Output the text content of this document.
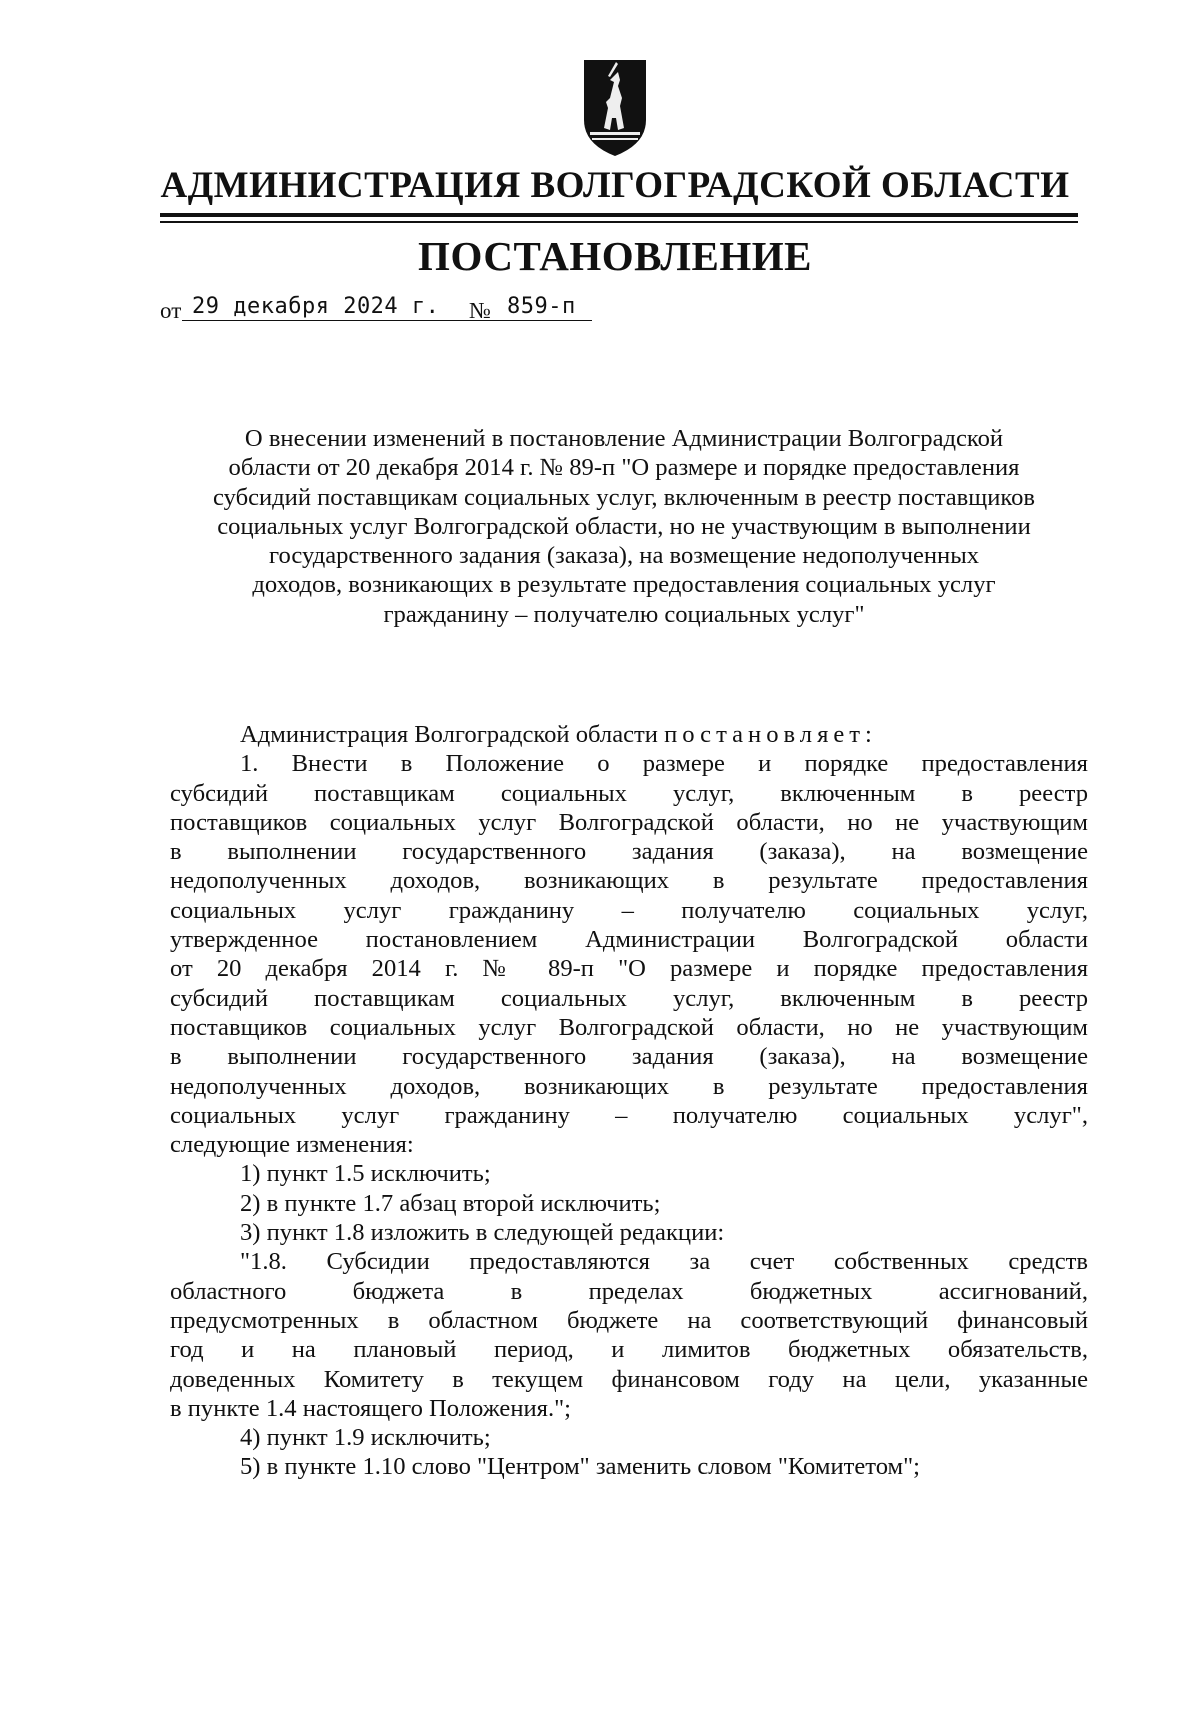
АДМИНИСТРАЦИЯ ВОЛГОГРАДСКОЙ ОБЛАСТИ
ПОСТАНОВЛЕНИЕ
от 29 декабря 2024 г. № 859-п
О внесении изменений в постановление Администрации Волгоградской
области от 20 декабря 2014 г. № 89-п "О размере и порядке предоставления
субсидий поставщикам социальных услуг, включенным в реестр поставщиков
социальных услуг Волгоградской области, но не участвующим в выполнении
государственного задания (заказа), на возмещение недополученных
доходов, возникающих в результате предоставления социальных услуг
гражданину – получателю социальных услуг"

Администрация Волгоградской области постановляет:

1. Внести в Положение о размере и порядке предоставления
субсидий поставщикам социальных услуг, включенным в реестр
поставщиков социальных услуг Волгоградской области, но не участвующим
в выполнении государственного задания (заказа), на возмещение
недополученных доходов, возникающих в результате предоставления
социальных услуг гражданину – получателю социальных услуг,
утвержденное постановлением Администрации Волгоградской области
от 20 декабря 2014 г. № 89-п "О размере и порядке предоставления
субсидий поставщикам социальных услуг, включенным в реестр
поставщиков социальных услуг Волгоградской области, но не участвующим
в выполнении государственного задания (заказа), на возмещение
недополученных доходов, возникающих в результате предоставления
социальных услуг гражданину – получателю социальных услуг",
следующие изменения:
1) пункт 1.5 исключить;
2) в пункте 1.7 абзац второй исключить;
3) пункт 1.8 изложить в следующей редакции:
"1.8. Субсидии предоставляются за счет собственных средств
областного бюджета в пределах бюджетных ассигнований,
предусмотренных в областном бюджете на соответствующий финансовый
год и на плановый период, и лимитов бюджетных обязательств,
доведенных Комитету в текущем финансовом году на цели, указанные
в пункте 1.4 настоящего Положения.";
4) пункт 1.9 исключить;
5) в пункте 1.10 слово "Центром" заменить словом "Комитетом";
